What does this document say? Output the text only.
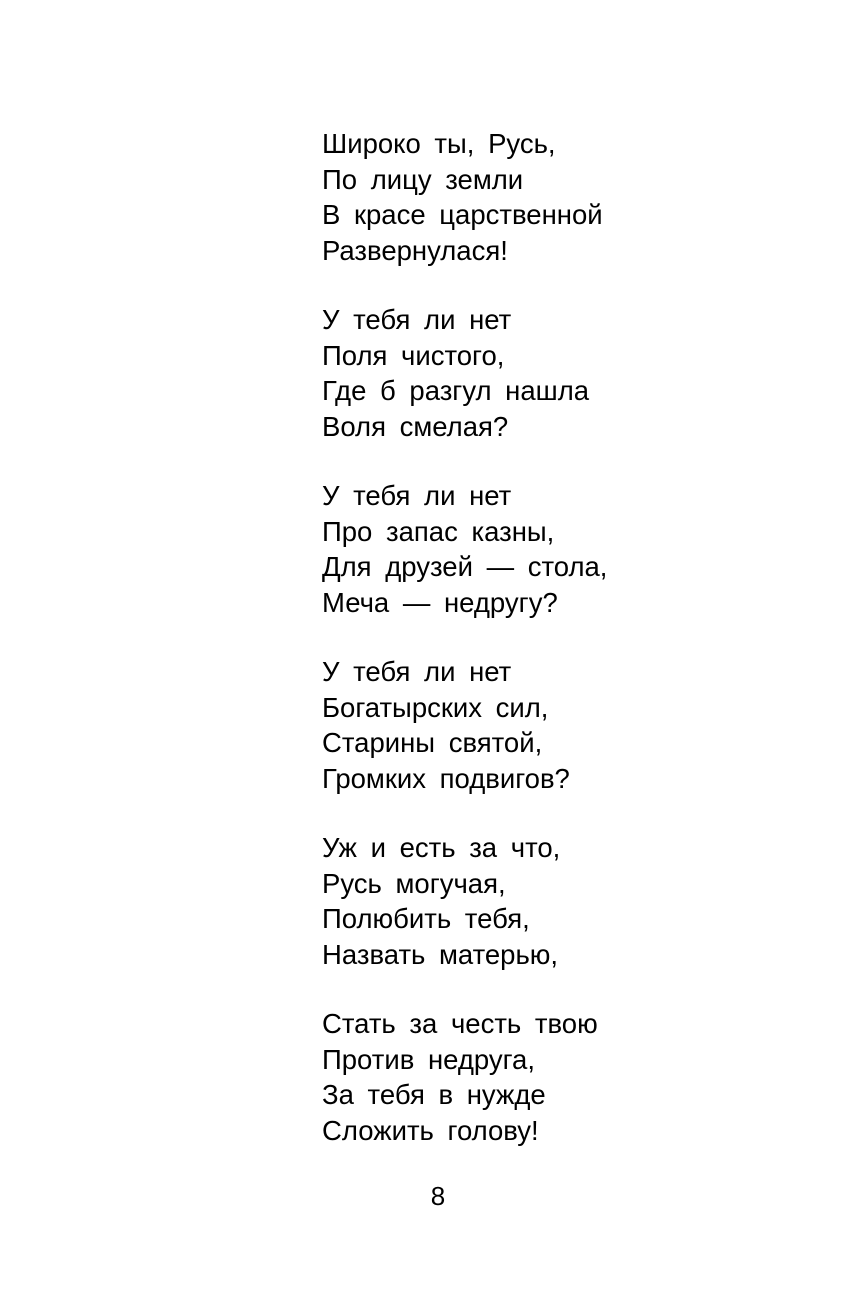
Широко ты, Русь,
По лицу земли
В красе царственной
Развернулася!
У тебя ли нет
Поля чистого,
Где б разгул нашла
Воля смелая?
У тебя ли нет
Про запас казны,
Для друзей — стола,
Меча — недругу?
У тебя ли нет
Богатырских сил,
Старины святой,
Громких подвигов?
Уж и есть за что,
Русь могучая,
Полюбить тебя,
Назвать матерью,
Стать за честь твою
Против недруга,
За тебя в нужде
Сложить голову!
8
